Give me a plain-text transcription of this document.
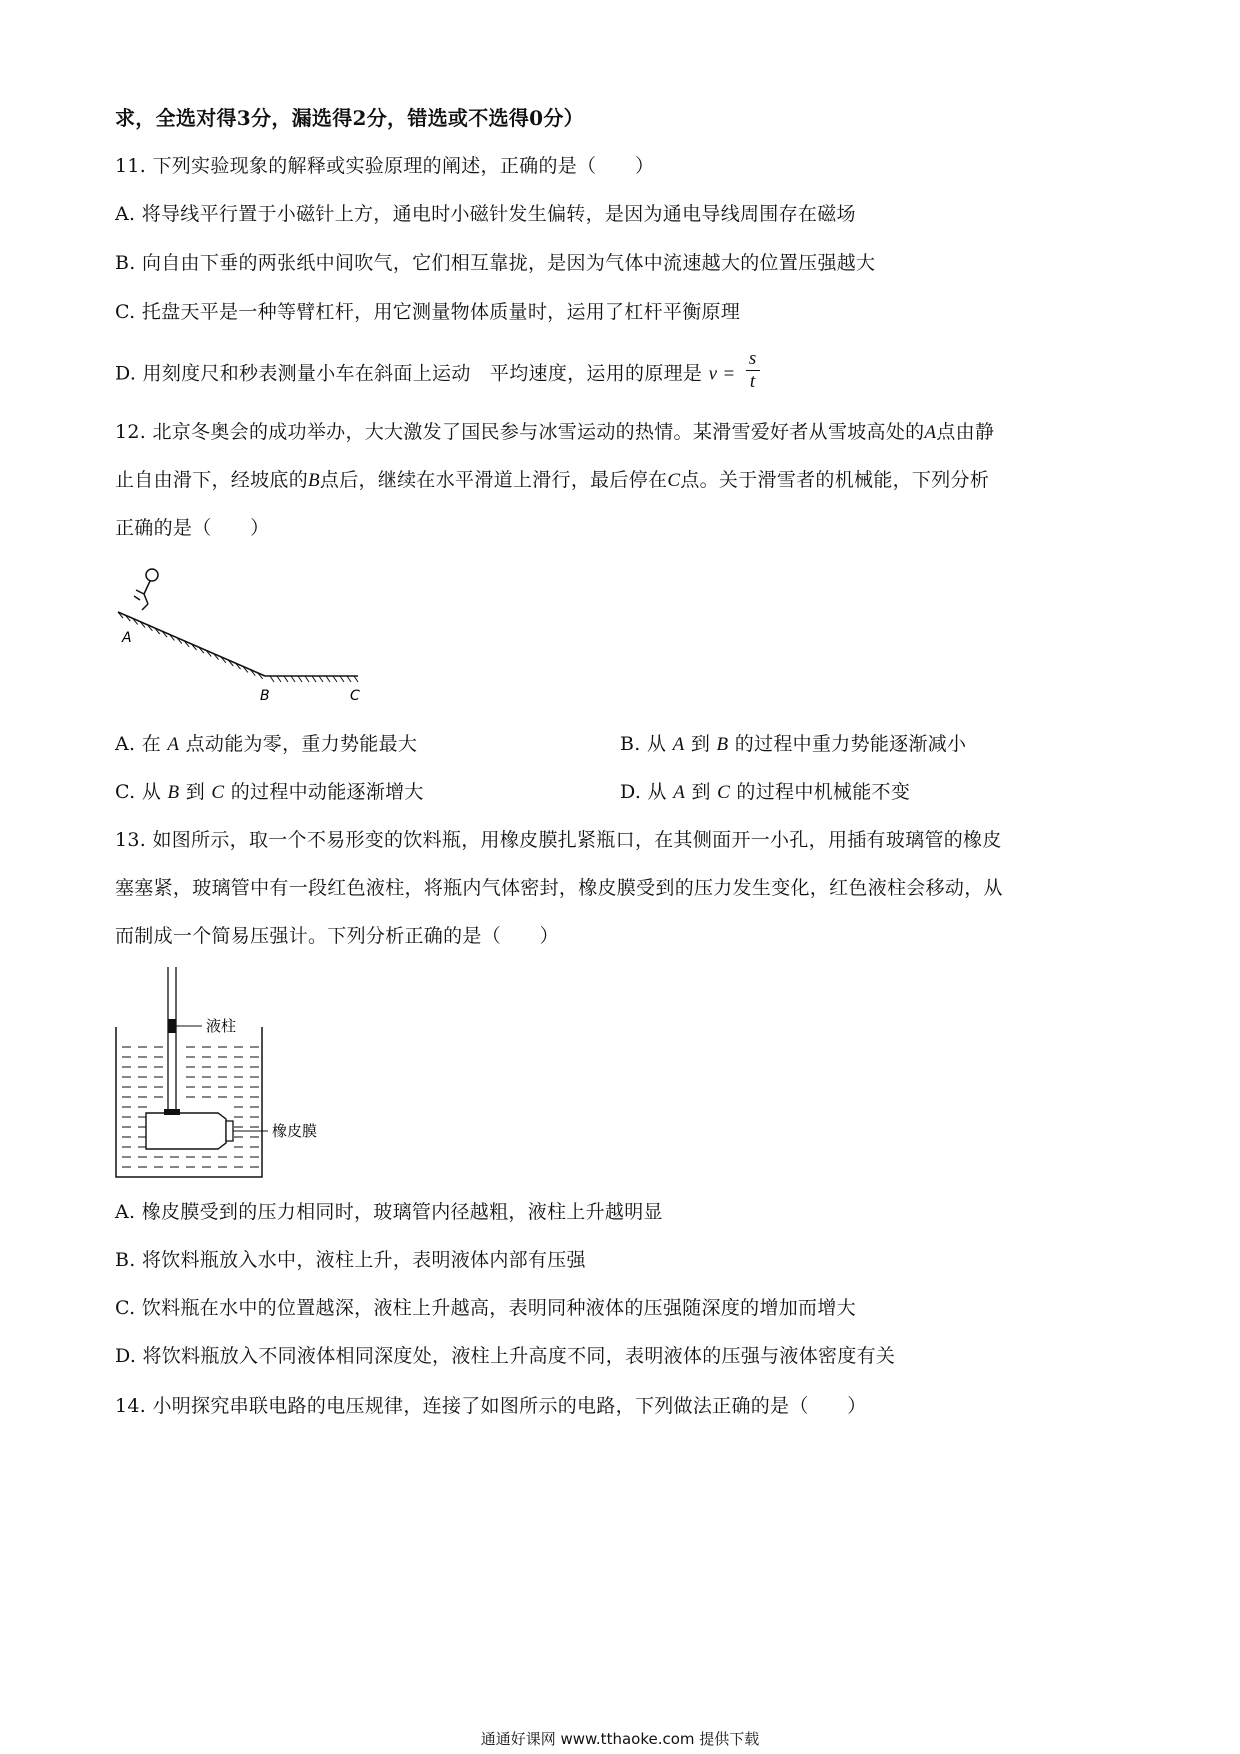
求，全选对得3分，漏选得2分，错选或不选得0分）
11. 下列实验现象的解释或实验原理的阐述，正确的是（　　）
A. 将导线平行置于小磁针上方，通电时小磁针发生偏转，是因为通电导线周围存在磁场
B. 向自由下垂的两张纸中间吹气，它们相互靠拢，是因为气体中流速越大的位置压强越大
C. 托盘天平是一种等臂杠杆，用它测量物体质量时，运用了杠杆平衡原理
D. 用刻度尺和秒表测量小车在斜面上运动　平均速度，运用的原理是 $v = \frac{s}{t}$
12. 北京冬奥会的成功举办，大大激发了国民参与冰雪运动的热情。某滑雪爱好者从雪坡高处的A点由静
止自由滑下，经坡底的B点后，继续在水平滑道上滑行，最后停在C点。关于滑雪者的机械能，下列分析
正确的是（　　）
A
B	C
A. 在 A 点动能为零，重力势能最大	B. 从 A 到 B 的过程中重力势能逐渐减小
C. 从 B 到 C 的过程中动能逐渐增大	D. 从 A 到 C 的过程中机械能不变
13. 如图所示，取一个不易形变的饮料瓶，用橡皮膜扎紧瓶口，在其侧面开一小孔，用插有玻璃管的橡皮
塞塞紧，玻璃管中有一段红色液柱，将瓶内气体密封，橡皮膜受到的压力发生变化，红色液柱会移动，从
而制成一个简易压强计。下列分析正确的是（　　）
液柱
橡皮膜
A. 橡皮膜受到的压力相同时，玻璃管内径越粗，液柱上升越明显
B. 将饮料瓶放入水中，液柱上升，表明液体内部有压强
C. 饮料瓶在水中的位置越深，液柱上升越高，表明同种液体的压强随深度的增加而增大
D. 将饮料瓶放入不同液体相同深度处，液柱上升高度不同，表明液体的压强与液体密度有关
14. 小明探究串联电路的电压规律，连接了如图所示的电路，下列做法正确的是（　　）
通通好课网 www.tthaoke.com 提供下载
